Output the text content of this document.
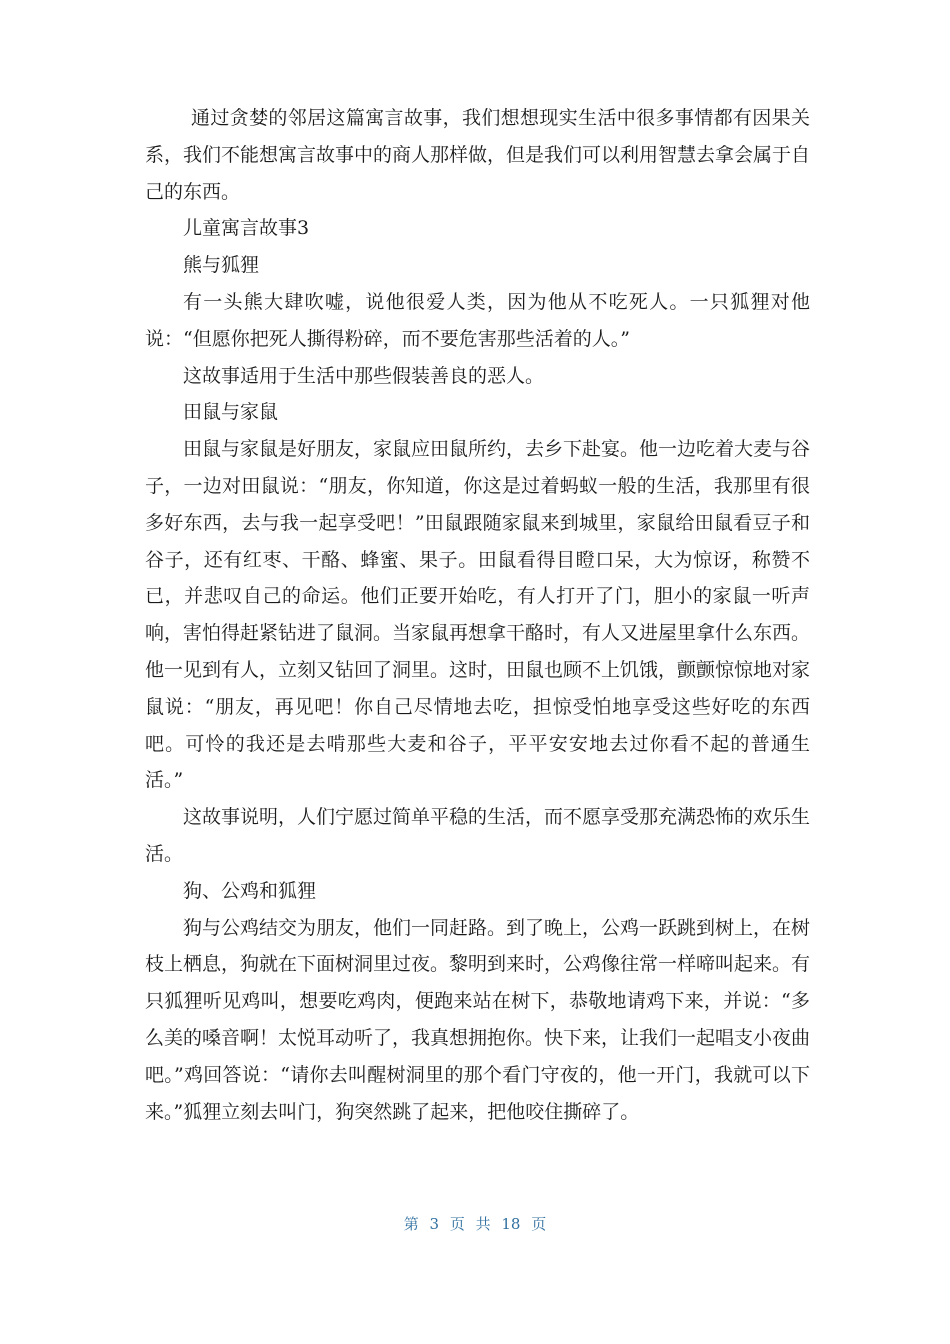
通过贪婪的邻居这篇寓言故事，我们想想现实生活中很多事情都有因果关系，我们不能想寓言故事中的商人那样做，但是我们可以利用智慧去拿会属于自己的东西。

儿童寓言故事3

熊与狐狸

有一头熊大肆吹嘘，说他很爱人类，因为他从不吃死人。一只狐狸对他说：“但愿你把死人撕得粉碎，而不要危害那些活着的人。”

这故事适用于生活中那些假装善良的恶人。

田鼠与家鼠

田鼠与家鼠是好朋友，家鼠应田鼠所约，去乡下赴宴。他一边吃着大麦与谷子，一边对田鼠说：“朋友，你知道，你这是过着蚂蚁一般的生活，我那里有很多好东西，去与我一起享受吧！”田鼠跟随家鼠来到城里，家鼠给田鼠看豆子和谷子，还有红枣、干酪、蜂蜜、果子。田鼠看得目瞪口呆，大为惊讶，称赞不已，并悲叹自己的命运。他们正要开始吃，有人打开了门，胆小的家鼠一听声响，害怕得赶紧钻进了鼠洞。当家鼠再想拿干酪时，有人又进屋里拿什么东西。他一见到有人，立刻又钻回了洞里。这时，田鼠也顾不上饥饿，颤颤惊惊地对家鼠说：“朋友，再见吧！你自己尽情地去吃，担惊受怕地享受这些好吃的东西吧。可怜的我还是去啃那些大麦和谷子，平平安安地去过你看不起的普通生活。”

这故事说明，人们宁愿过简单平稳的生活，而不愿享受那充满恐怖的欢乐生活。

狗、公鸡和狐狸

狗与公鸡结交为朋友，他们一同赶路。到了晚上，公鸡一跃跳到树上，在树枝上栖息，狗就在下面树洞里过夜。黎明到来时，公鸡像往常一样啼叫起来。有只狐狸听见鸡叫，想要吃鸡肉，便跑来站在树下，恭敬地请鸡下来，并说：“多么美的嗓音啊！太悦耳动听了，我真想拥抱你。快下来，让我们一起唱支小夜曲吧。”鸡回答说：“请你去叫醒树洞里的那个看门守夜的，他一开门，我就可以下来。”狐狸立刻去叫门，狗突然跳了起来，把他咬住撕碎了。

第 3 页 共 18 页
